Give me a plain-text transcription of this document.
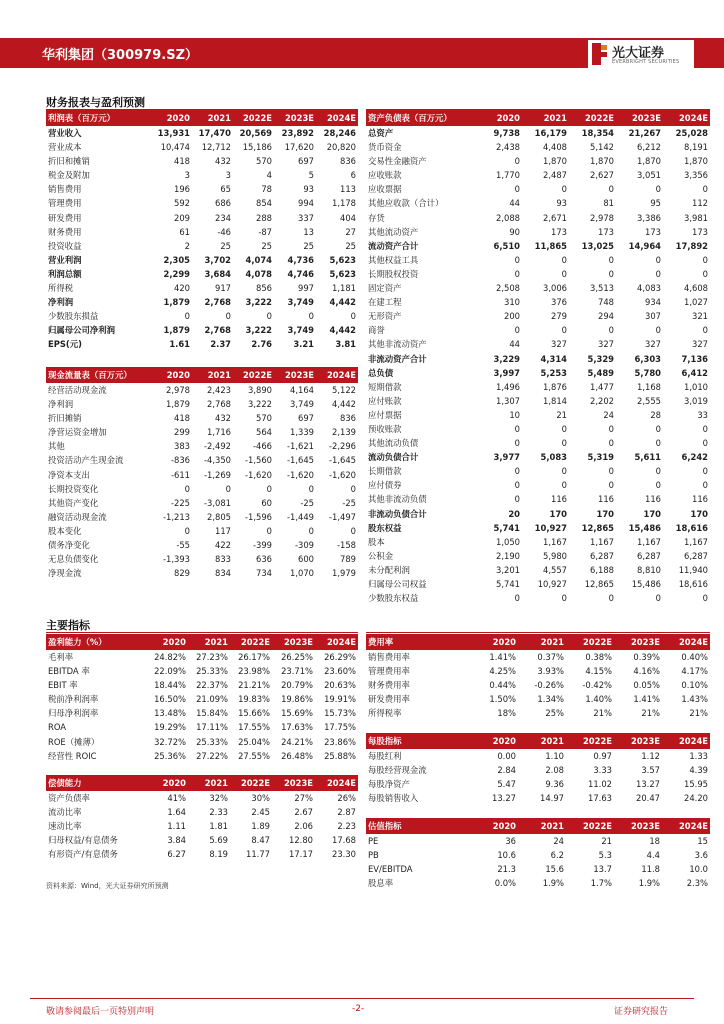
华利集团（300979.SZ）	光大证券
EVERBRIGHT SECURITIES
财务报表与盈利预测
利润表（百万元）	2020	2021	2022E	2023E	2024E
营业收入	13,931	17,470	20,569	23,892	28,246
营业成本	10,474	12,712	15,186	17,620	20,820
折旧和摊销	418	432	570	697	836
税金及附加	3	3	4	5	6
销售费用	196	65	78	93	113
管理费用	592	686	854	994	1,178
研发费用	209	234	288	337	404
财务费用	61	-46	-87	13	27
投资收益	2	25	25	25	25
营业利润	2,305	3,702	4,074	4,736	5,623
利润总额	2,299	3,684	4,078	4,746	5,623
所得税	420	917	856	997	1,181
净利润	1,879	2,768	3,222	3,749	4,442
少数股东损益	0	0	0	0	0
归属母公司净利润	1,879	2,768	3,222	3,749	4,442
EPS(元)	1.61	2.37	2.76	3.21	3.81
现金流量表（百万元）	2020	2021	2022E	2023E	2024E
经营活动现金流	2,978	2,423	3,890	4,164	5,122
净利润	1,879	2,768	3,222	3,749	4,442
折旧摊销	418	432	570	697	836
净营运资金增加	299	1,716	564	1,339	2,139
其他	383	-2,492	-466	-1,621	-2,296
投资活动产生现金流	-836	-4,350	-1,560	-1,645	-1,645
净资本支出	-611	-1,269	-1,620	-1,620	-1,620
长期投资变化	0	0	0	0	0
其他资产变化	-225	-3,081	60	-25	-25
融资活动现金流	-1,213	2,805	-1,596	-1,449	-1,497
股本变化	0	117	0	0	0
债务净变化	-55	422	-399	-309	-158
无息负债变化	-1,393	833	636	600	789
净现金流	829	834	734	1,070	1,979
资产负债表（百万元）	2020	2021	2022E	2023E	2024E
总资产	9,738	16,179	18,354	21,267	25,028
货币资金	2,438	4,408	5,142	6,212	8,191
交易性金融资产	0	1,870	1,870	1,870	1,870
应收账款	1,770	2,487	2,627	3,051	3,356
应收票据	0	0	0	0	0
其他应收款（合计）	44	93	81	95	112
存货	2,088	2,671	2,978	3,386	3,981
其他流动资产	90	173	173	173	173
流动资产合计	6,510	11,865	13,025	14,964	17,892
其他权益工具	0	0	0	0	0
长期股权投资	0	0	0	0	0
固定资产	2,508	3,006	3,513	4,083	4,608
在建工程	310	376	748	934	1,027
无形资产	200	279	294	307	321
商誉	0	0	0	0	0
其他非流动资产	44	327	327	327	327
非流动资产合计	3,229	4,314	5,329	6,303	7,136
总负债	3,997	5,253	5,489	5,780	6,412
短期借款	1,496	1,876	1,477	1,168	1,010
应付账款	1,307	1,814	2,202	2,555	3,019
应付票据	10	21	24	28	33
预收账款	0	0	0	0	0
其他流动负债	0	0	0	0	0
流动负债合计	3,977	5,083	5,319	5,611	6,242
长期借款	0	0	0	0	0
应付债券	0	0	0	0	0
其他非流动负债	0	116	116	116	116
非流动负债合计	20	170	170	170	170
股东权益	5,741	10,927	12,865	15,486	18,616
股本	1,050	1,167	1,167	1,167	1,167
公积金	2,190	5,980	6,287	6,287	6,287
未分配利润	3,201	4,557	6,188	8,810	11,940
归属母公司权益	5,741	10,927	12,865	15,486	18,616
少数股东权益	0	0	0	0	0
主要指标
盈利能力（%）	2020	2021	2022E	2023E	2024E
毛利率	24.82%	27.23%	26.17%	26.25%	26.29%
EBITDA 率	22.09%	25.33%	23.98%	23.71%	23.60%
EBIT 率	18.44%	22.37%	21.21%	20.79%	20.63%
税前净利润率	16.50%	21.09%	19.83%	19.86%	19.91%
归母净利润率	13.48%	15.84%	15.66%	15.69%	15.73%
ROA	19.29%	17.11%	17.55%	17.63%	17.75%
ROE（摊薄）	32.72%	25.33%	25.04%	24.21%	23.86%
经营性 ROIC	25.36%	27.22%	27.55%	26.48%	25.88%
偿债能力	2020	2021	2022E	2023E	2024E
资产负债率	41%	32%	30%	27%	26%
流动比率	1.64	2.33	2.45	2.67	2.87
速动比率	1.11	1.81	1.89	2.06	2.23
归母权益/有息债务	3.84	5.69	8.47	12.80	17.68
有形资产/有息债务	6.27	8.19	11.77	17.17	23.30
费用率	2020	2021	2022E	2023E	2024E
销售费用率	1.41%	0.37%	0.38%	0.39%	0.40%
管理费用率	4.25%	3.93%	4.15%	4.16%	4.17%
财务费用率	0.44%	-0.26%	-0.42%	0.05%	0.10%
研发费用率	1.50%	1.34%	1.40%	1.41%	1.43%
所得税率	18%	25%	21%	21%	21%
每股指标	2020	2021	2022E	2023E	2024E
每股红利	0.00	1.10	0.97	1.12	1.33
每股经营现金流	2.84	2.08	3.33	3.57	4.39
每股净资产	5.47	9.36	11.02	13.27	15.95
每股销售收入	13.27	14.97	17.63	20.47	24.20
估值指标	2020	2021	2022E	2023E	2024E
PE	36	24	21	18	15
PB	10.6	6.2	5.3	4.4	3.6
EV/EBITDA	21.3	15.6	13.7	11.8	10.0
股息率	0.0%	1.9%	1.7%	1.9%	2.3%
资料来源：Wind，光大证券研究所预测
敬请参阅最后一页特别声明	-2-	证券研究报告
